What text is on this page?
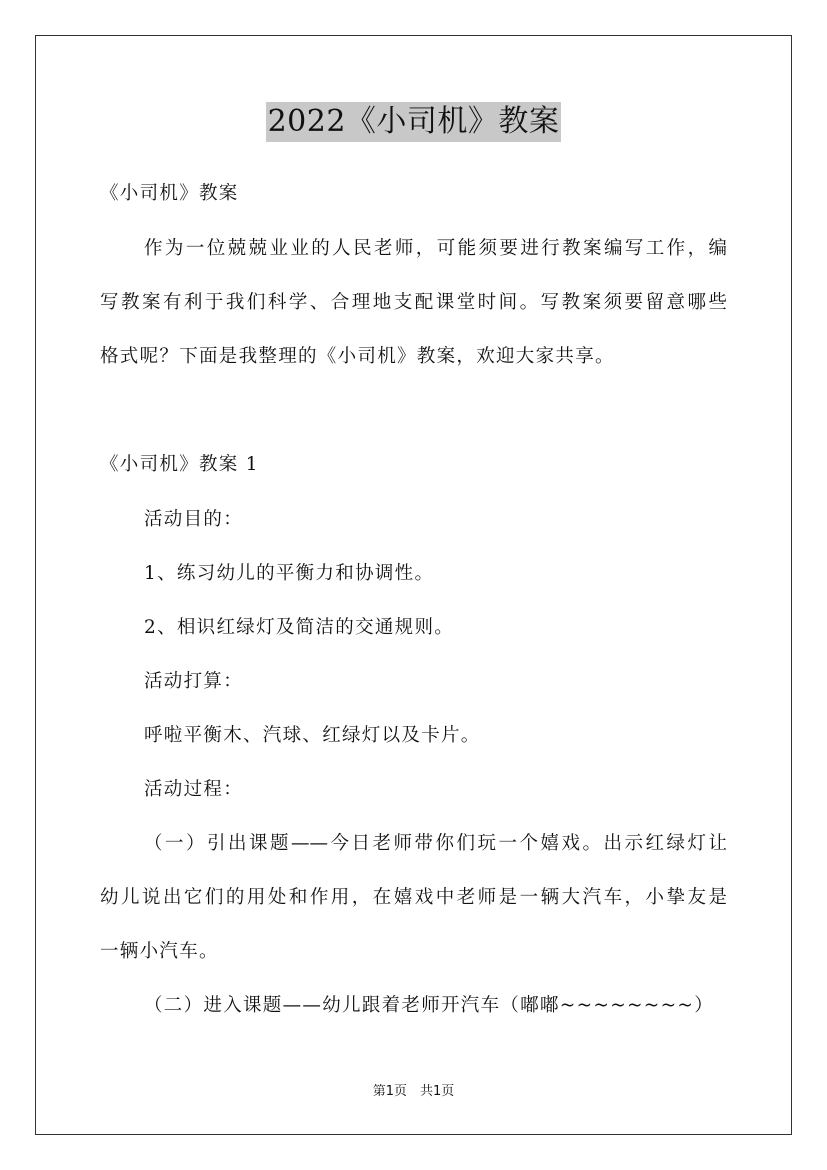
2022《小司机》教案
《小司机》教案
作为一位兢兢业业的人民老师，可能须要进行教案编写工作，编
写教案有利于我们科学、合理地支配课堂时间。写教案须要留意哪些
格式呢？下面是我整理的《小司机》教案，欢迎大家共享。
《小司机》教案 1
活动目的：
1、练习幼儿的平衡力和协调性。
2、相识红绿灯及简洁的交通规则。
活动打算：
呼啦平衡木、汽球、红绿灯以及卡片。
活动过程：
（一）引出课题——今日老师带你们玩一个嬉戏。出示红绿灯让
幼儿说出它们的用处和作用，在嬉戏中老师是一辆大汽车，小挚友是
一辆小汽车。
（二）进入课题——幼儿跟着老师开汽车（嘟嘟~~~~~~~~）
第1页　共1页
